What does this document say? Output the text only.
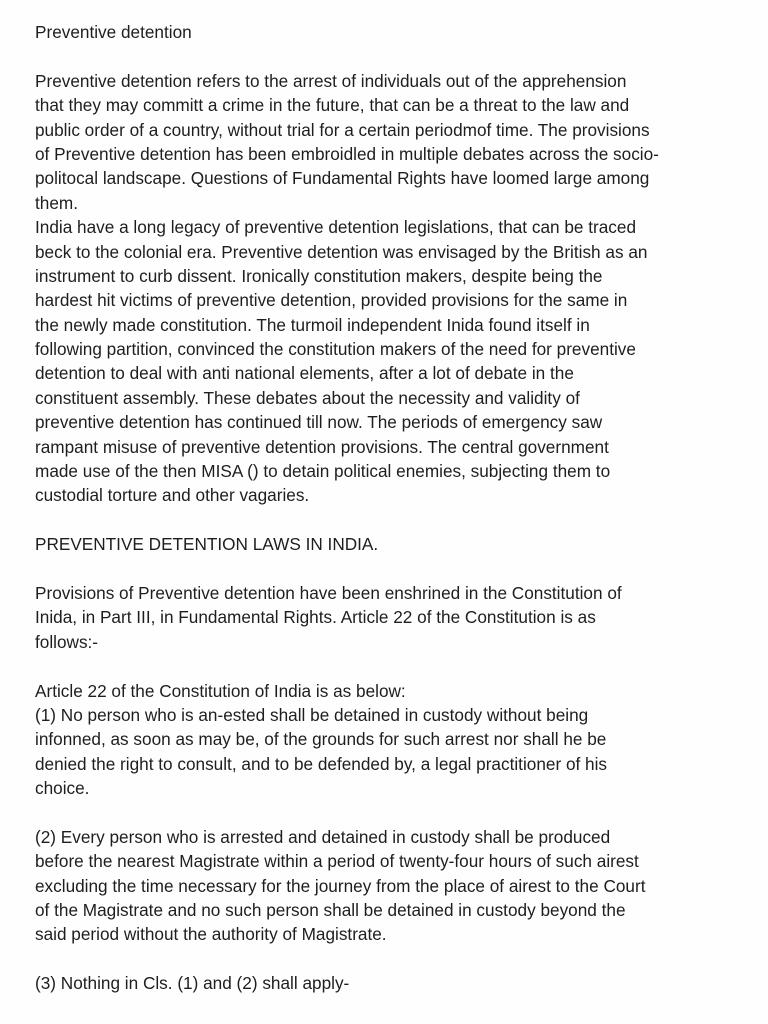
Preventive detention
Preventive detention refers to the arrest of individuals out of the apprehension
that they may committ a crime in the future, that can be a threat to the law and
public order of a country, without trial for a certain periodmof time. The provisions
of Preventive detention has been embroidled in multiple debates across the socio-
politocal landscape. Questions of Fundamental Rights have loomed large among
them.
India have a long legacy of preventive detention legislations, that can be traced
beck to the colonial era. Preventive detention was envisaged by the British as an
instrument to curb dissent. Ironically constitution makers, despite being the
hardest hit victims of preventive detention, provided provisions for the same in
the newly made constitution. The turmoil independent Inida found itself in
following partition, convinced the constitution makers of the need for preventive
detention to deal with anti national elements, after a lot of debate in the
constituent assembly. These debates about the necessity and validity of
preventive detention has continued till now. The periods of emergency saw
rampant misuse of preventive detention provisions. The central government
made use of the then MISA () to detain political enemies, subjecting them to
custodial torture and other vagaries.
PREVENTIVE DETENTION LAWS IN INDIA.
Provisions of Preventive detention have been enshrined in the Constitution of
Inida, in Part III, in Fundamental Rights. Article 22 of the Constitution is as
follows:-
Article 22 of the Constitution of India is as below:
(1) No person who is an-ested shall be detained in custody without being
infonned, as soon as may be, of the grounds for such arrest nor shall he be
denied the right to consult, and to be defended by, a legal practitioner of his
choice.
(2) Every person who is arrested and detained in custody shall be produced
before the nearest Magistrate within a period of twenty-four hours of such airest
excluding the time necessary for the journey from the place of airest to the Court
of the Magistrate and no such person shall be detained in custody beyond the
said period without the authority of Magistrate.
(3) Nothing in Cls. (1) and (2) shall apply-
